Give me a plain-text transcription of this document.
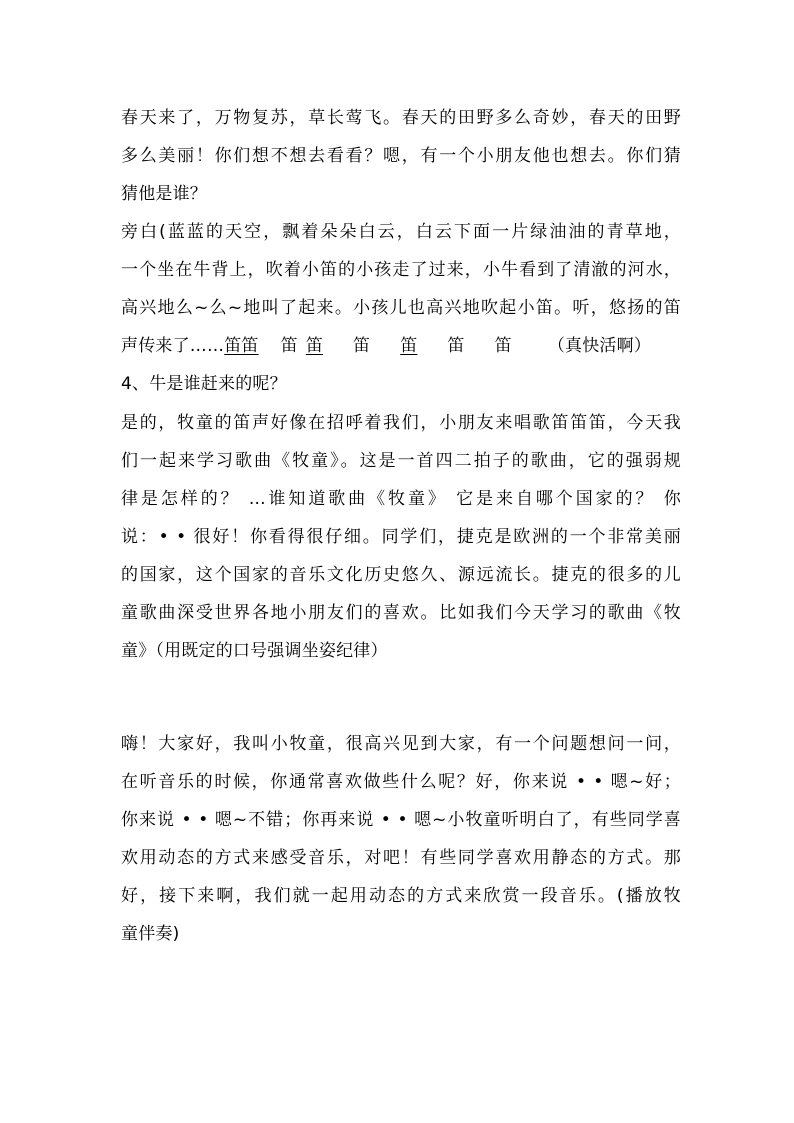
春天来了，万物复苏，草长莺飞。春天的田野多么奇妙，春天的田野
多么美丽！你们想不想去看看？嗯，有一个小朋友他也想去。你们猜
猜他是谁？
旁白(蓝蓝的天空，飘着朵朵白云，白云下面一片绿油油的青草地，
一个坐在牛背上，吹着小笛的小孩走了过来，小牛看到了清澈的河水，
高兴地么~么~地叫了起来。小孩儿也高兴地吹起小笛。听，悠扬的笛
声传来了……笛笛 笛 笛 笛 笛 笛 笛 （真快活啊）
4、牛是谁赶来的呢？
是的，牧童的笛声好像在招呼着我们，小朋友来唱歌笛笛笛，今天我
们一起来学习歌曲《牧童》。这是一首四二拍子的歌曲，它的强弱规
律是怎样的？ ...谁知道歌曲《牧童》 它是来自哪个国家的？ 你
说：• • 很好！你看得很仔细。同学们，捷克是欧洲的一个非常美丽
的国家，这个国家的音乐文化历史悠久、源远流长。捷克的很多的儿
童歌曲深受世界各地小朋友们的喜欢。比如我们今天学习的歌曲《牧
童》（用既定的口号强调坐姿纪律）
嗨！大家好，我叫小牧童，很高兴见到大家，有一个问题想问一问，
在听音乐的时候，你通常喜欢做些什么呢？好，你来说 • • 嗯~好；
你来说 • • 嗯~不错；你再来说 • • 嗯~小牧童听明白了，有些同学喜
欢用动态的方式来感受音乐，对吧！有些同学喜欢用静态的方式。那
好，接下来啊，我们就一起用动态的方式来欣赏一段音乐。(播放牧
童伴奏)
